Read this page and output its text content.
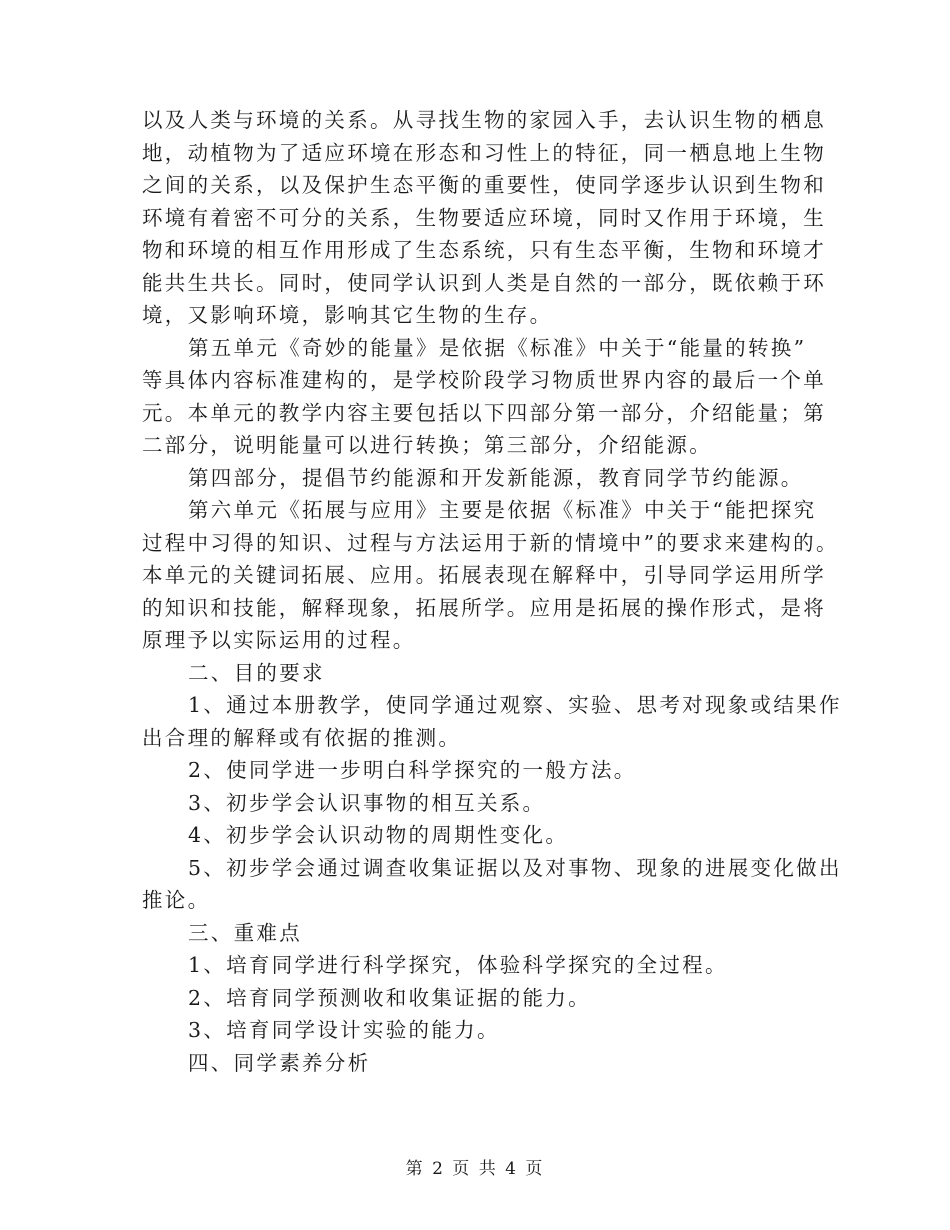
以及人类与环境的关系。从寻找生物的家园入手，去认识生物的栖息

地，动植物为了适应环境在形态和习性上的特征，同一栖息地上生物

之间的关系，以及保护生态平衡的重要性，使同学逐步认识到生物和

环境有着密不可分的关系，生物要适应环境，同时又作用于环境，生

物和环境的相互作用形成了生态系统，只有生态平衡，生物和环境才

能共生共长。同时，使同学认识到人类是自然的一部分，既依赖于环

境，又影响环境，影响其它生物的生存。

第五单元《奇妙的能量》是依据《标准》中关于“能量的转换”

等具体内容标准建构的，是学校阶段学习物质世界内容的最后一个单

元。本单元的教学内容主要包括以下四部分第一部分，介绍能量；第

二部分，说明能量可以进行转换；第三部分，介绍能源。

第四部分，提倡节约能源和开发新能源，教育同学节约能源。

第六单元《拓展与应用》主要是依据《标准》中关于“能把探究

过程中习得的知识、过程与方法运用于新的情境中”的要求来建构的。

本单元的关键词拓展、应用。拓展表现在解释中，引导同学运用所学

的知识和技能，解释现象，拓展所学。应用是拓展的操作形式，是将

原理予以实际运用的过程。

二、目的要求

1、通过本册教学，使同学通过观察、实验、思考对现象或结果作

出合理的解释或有依据的推测。

2、使同学进一步明白科学探究的一般方法。

3、初步学会认识事物的相互关系。

4、初步学会认识动物的周期性变化。

5、初步学会通过调查收集证据以及对事物、现象的进展变化做出

推论。

三、重难点

1、培育同学进行科学探究，体验科学探究的全过程。

2、培育同学预测收和收集证据的能力。

3、培育同学设计实验的能力。

四、同学素养分析

第 2 页 共 4 页
